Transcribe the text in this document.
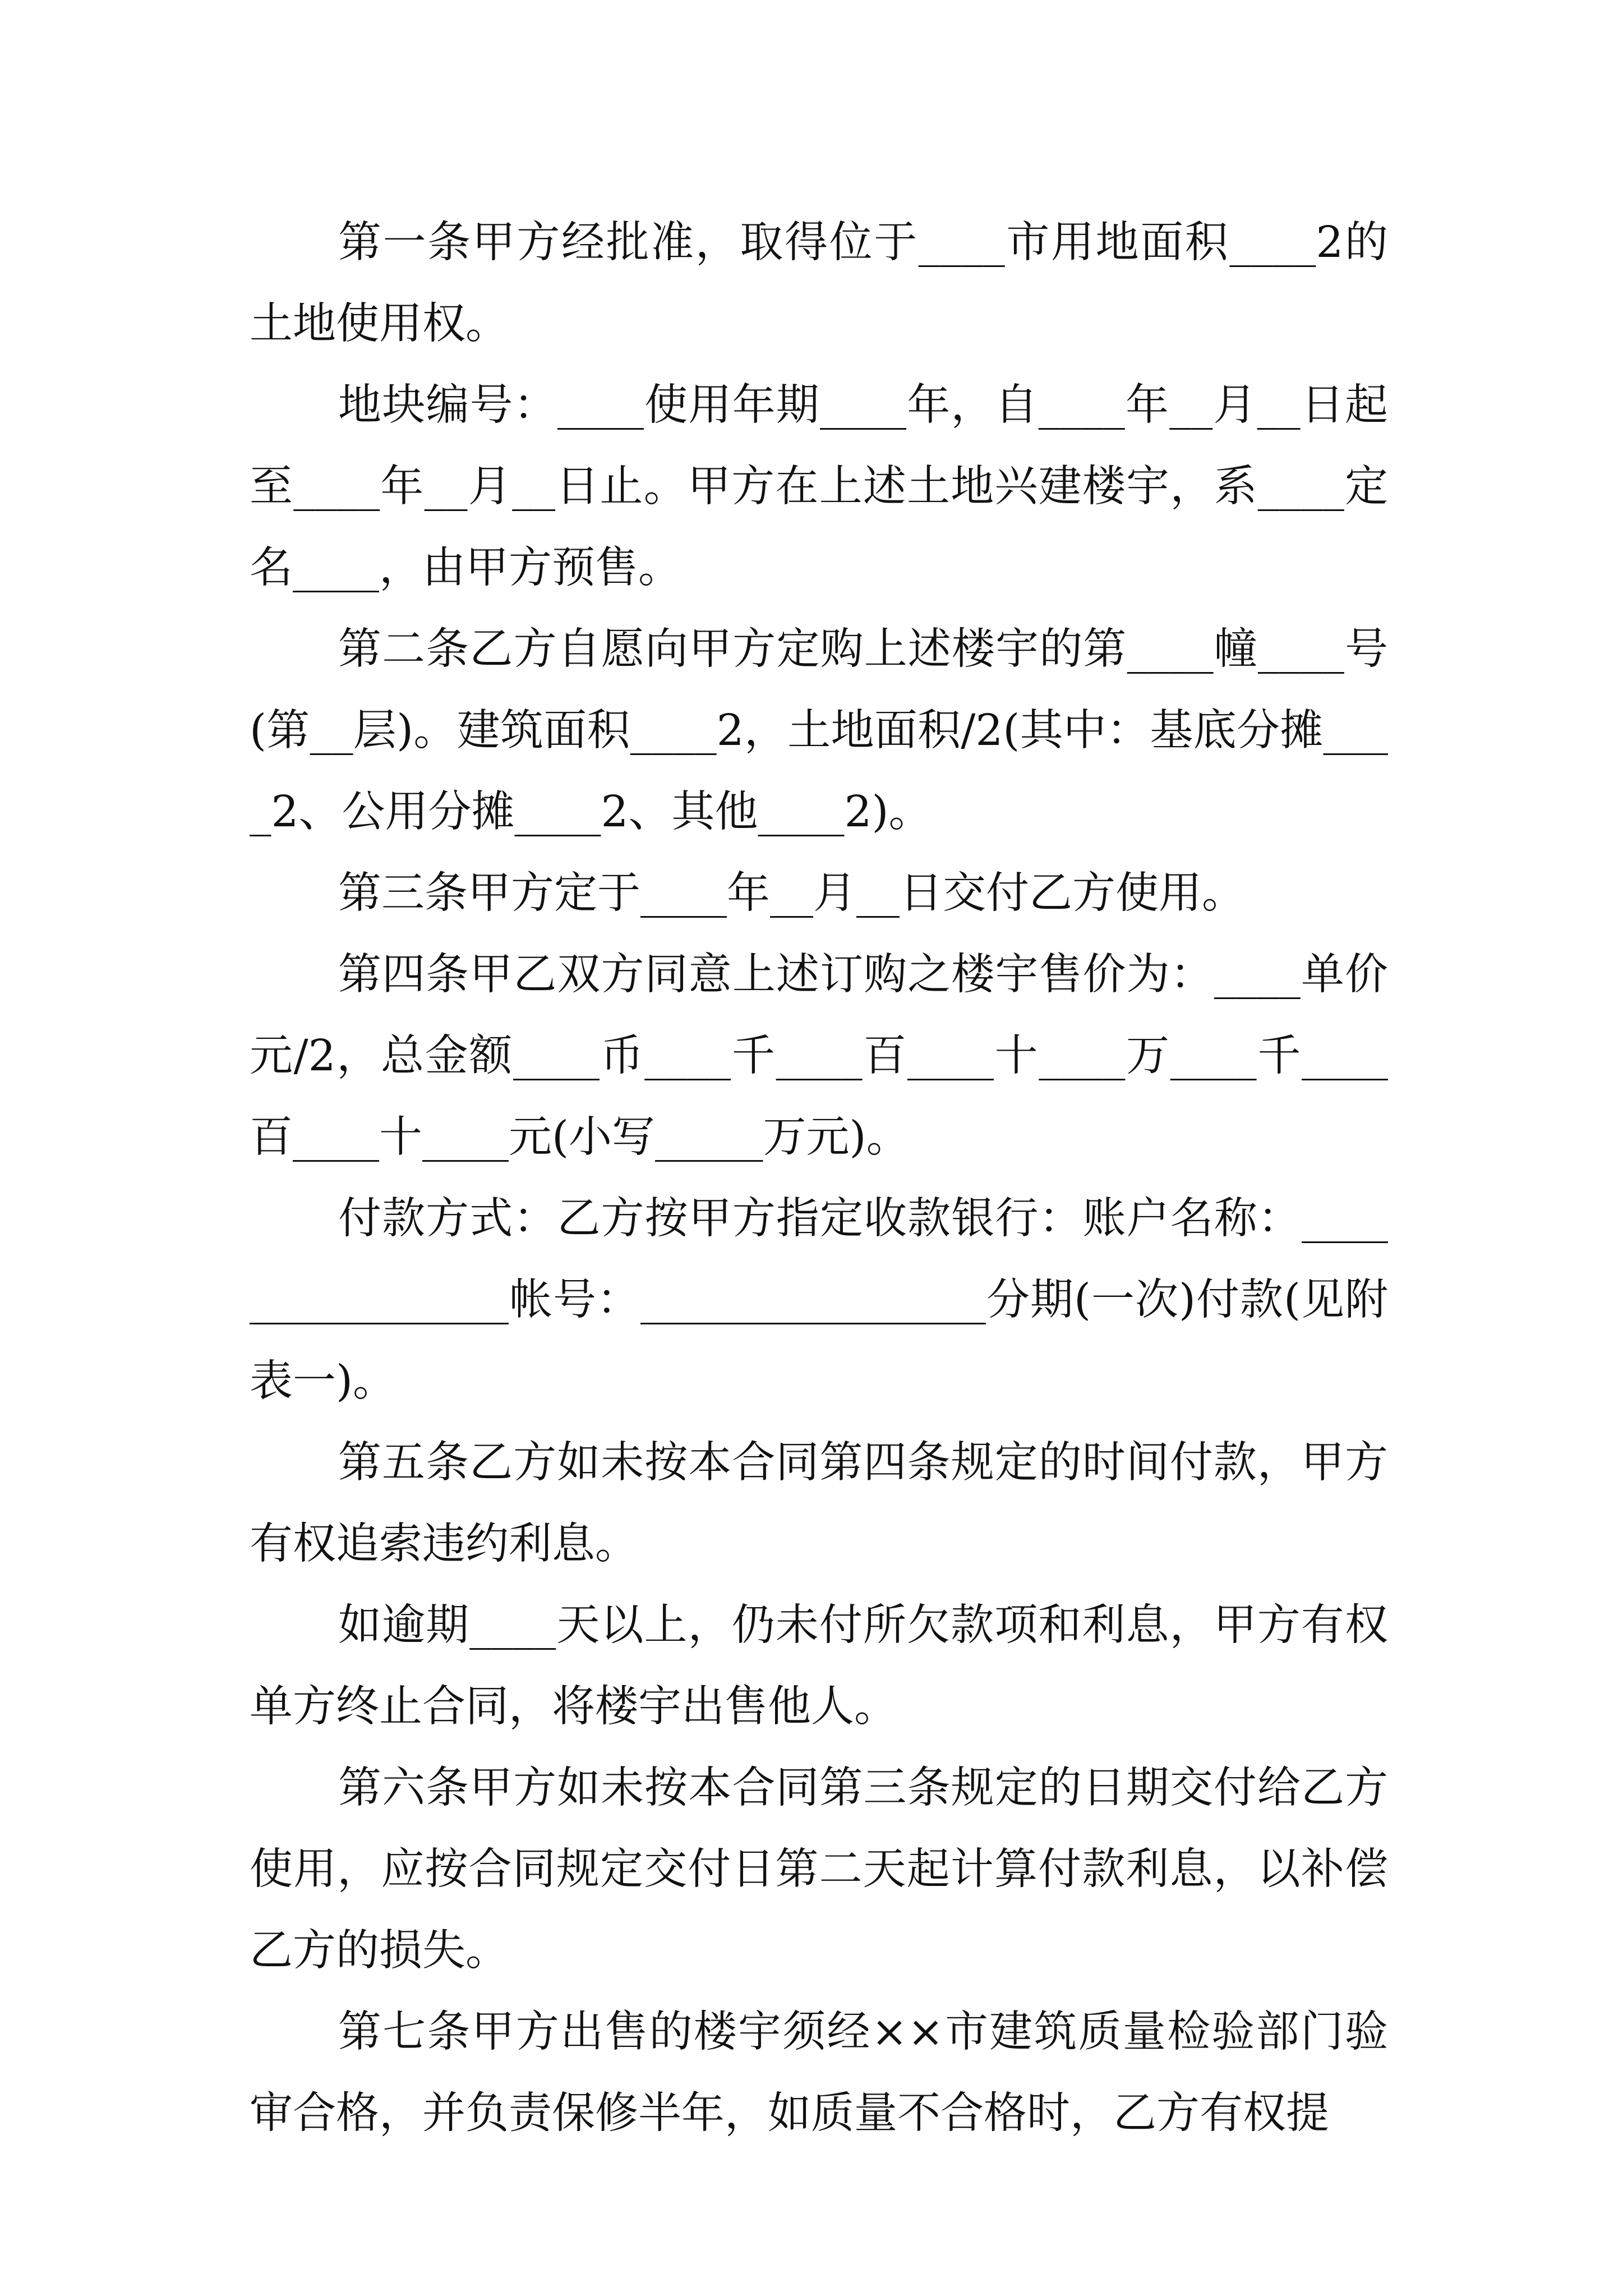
第一条甲方经批准，取得位于____市用地面积____2的土地使用权。

地块编号：____使用年期____年，自____年__月__日起至____年__月__日止。甲方在上述土地兴建楼宇，系____定名____，由甲方预售。

第二条乙方自愿向甲方定购上述楼宇的第____幢____号(第__层)。建筑面积____2，土地面积/2(其中：基底分摊____2、公用分摊____2、其他____2)。

第三条甲方定于____年__月__日交付乙方使用。

第四条甲乙双方同意上述订购之楼宇售价为：____单价元/2，总金额____币____千____百____十____万____千____百____十____元(小写_____万元)。

付款方式：乙方按甲方指定收款银行：账户名称：________________帐号：________________分期(一次)付款(见附表一)。

第五条乙方如未按本合同第四条规定的时间付款，甲方有权追索违约利息。

如逾期____天以上，仍未付所欠款项和利息，甲方有权单方终止合同，将楼宇出售他人。

第六条甲方如未按本合同第三条规定的日期交付给乙方使用，应按合同规定交付日第二天起计算付款利息，以补偿乙方的损失。

第七条甲方出售的楼宇须经××市建筑质量检验部门验审合格，并负责保修半年，如质量不合格时，乙方有权提
